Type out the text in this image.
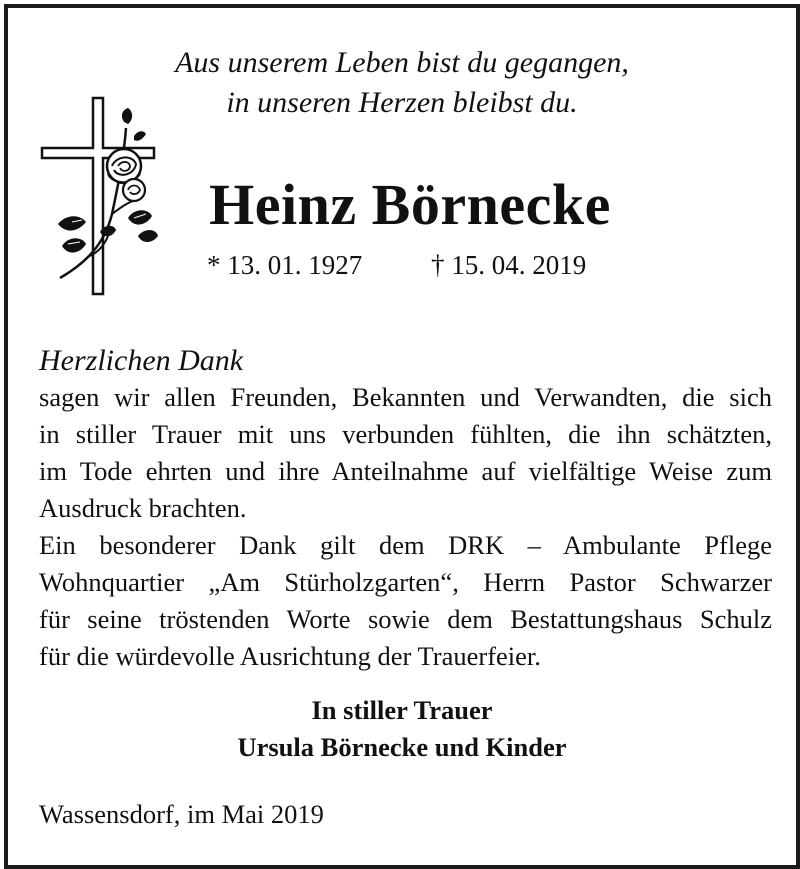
Aus unserem Leben bist du gegangen,
in unseren Herzen bleibst du.
Heinz Börnecke
* 13. 01. 1927	† 15. 04. 2019
Herzlichen Dank
sagen wir allen Freunden, Bekannten und Verwandten, die sich
in stiller Trauer mit uns verbunden fühlten, die ihn schätzten,
im Tode ehrten und ihre Anteilnahme auf vielfältige Weise zum
Ausdruck brachten.
Ein besonderer Dank gilt dem DRK – Ambulante Pflege
Wohnquartier „Am Stürholzgarten“, Herrn Pastor Schwarzer
für seine tröstenden Worte sowie dem Bestattungshaus Schulz
für die würdevolle Ausrichtung der Trauerfeier.
In stiller Trauer
Ursula Börnecke und Kinder
Wassensdorf, im Mai 2019
